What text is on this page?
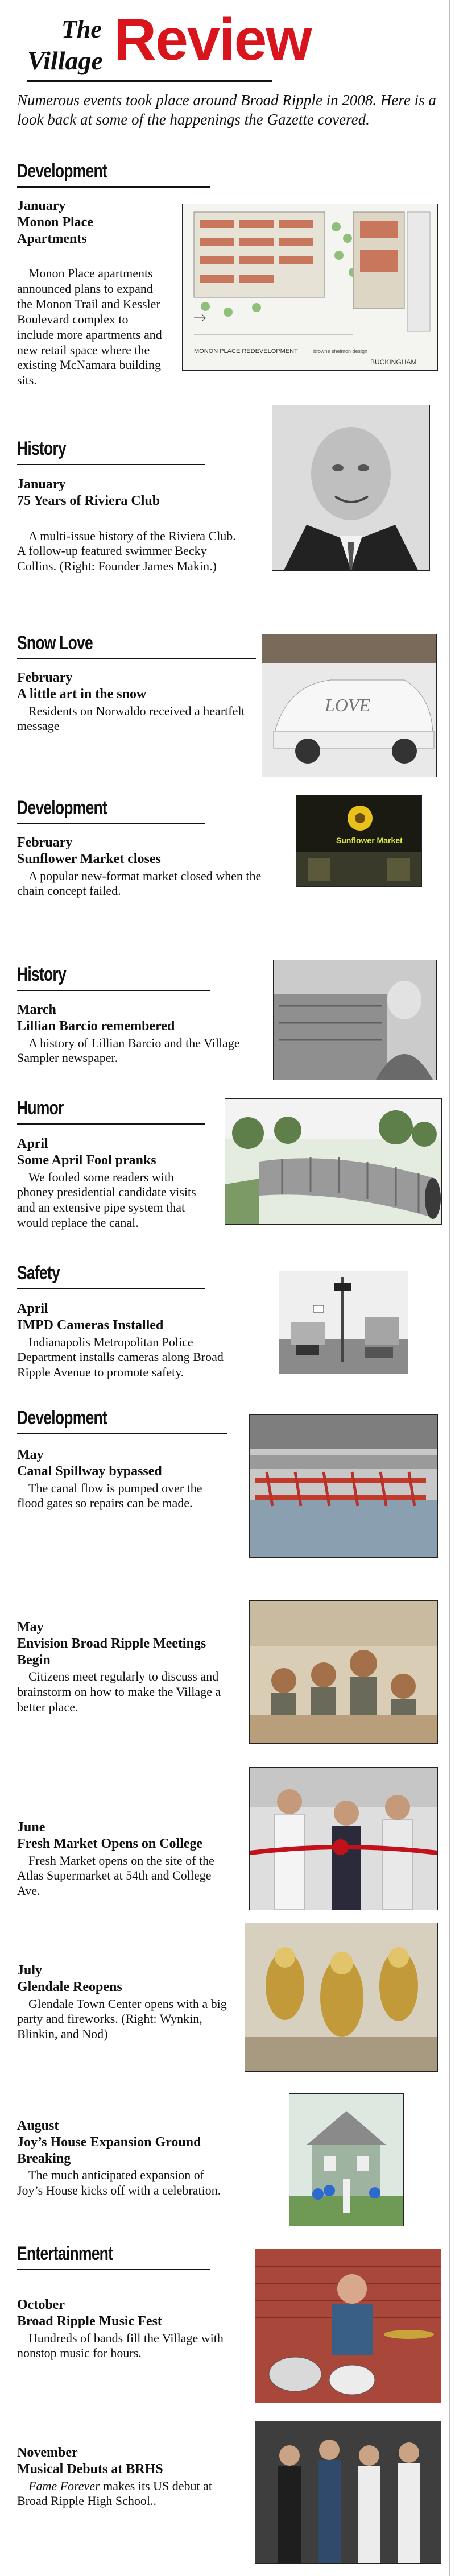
The
Village Review
Numerous events took place around Broad Ripple in 2008. Here is a look back at some of the happenings the Gazette covered.
Development
January
Monon Place Apartments
Monon Place apartments announced plans to expand the Monon Trail and Kessler Boulevard complex to include more apartments and new retail space where the existing McNamara building sits.
MONON PLACE REDEVELOPMENT	browne shelmon design
BUCKINGHAM
History
January
75 Years of Riviera Club
A multi-issue history of the Riviera Club. A follow-up featured swimmer Becky Collins. (Right: Founder James Makin.)
Snow Love
February
A little art in the snow
Residents on Norwaldo received a heartfelt message
LOVE
Development
February
Sunflower Market closes
A popular new-format market closed when the chain concept failed.
Sunflower Market
History
March
Lillian Barcio remembered
A history of Lillian Barcio and the Village Sampler newspaper.
Humor
April
Some April Fool pranks
We fooled some readers with phoney presidential candidate visits and an extensive pipe system that would replace the canal.
Safety
April
IMPD Cameras Installed
Indianapolis Metropolitan Police Department installs cameras along Broad Ripple Avenue to promote safety.
Development
May
Canal Spillway bypassed
The canal flow is pumped over the flood gates so repairs can be made.
May
Envision Broad Ripple Meetings Begin
Citizens meet regularly to discuss and brainstorm on how to make the Village a better place.
June
Fresh Market Opens on College
Fresh Market opens on the site of the Atlas Supermarket at 54th and College Ave.
July
Glendale Reopens
Glendale Town Center opens with a big party and fireworks. (Right: Wynkin, Blinkin, and Nod)
August
Joy’s House Expansion Ground Breaking
The much anticipated expansion of Joy’s House kicks off with a celebration.
Entertainment
October
Broad Ripple Music Fest
Hundreds of bands fill the Village with nonstop music for hours.
November
Musical Debuts at BRHS
Fame Forever makes its US debut at Broad Ripple High School..
